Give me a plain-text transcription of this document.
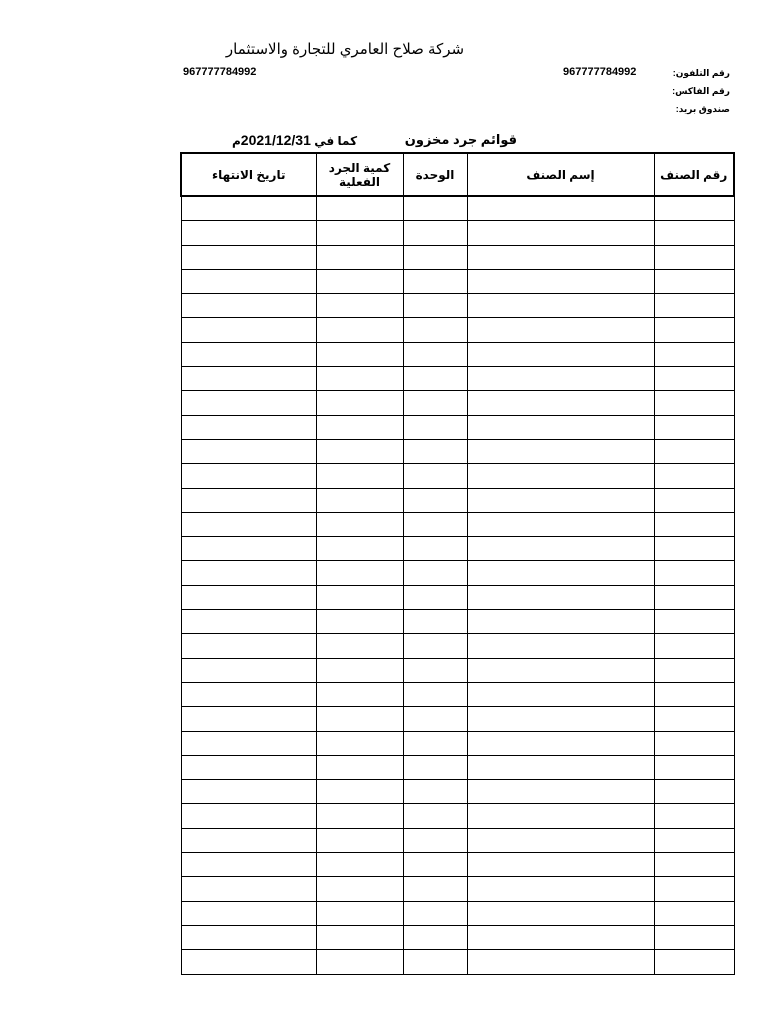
شركة صلاح العامري للتجارة والاستثمار
967777784992	967777784992	رقم التلفون:
رقم الفاكس:
صندوق بريد:
قوائم جرد مخزون
كما في 2021/12/31م
رقم الصنف	إسم الصنف	الوحدة	كمية الجرد الفعلية	تاريخ الانتهاء
